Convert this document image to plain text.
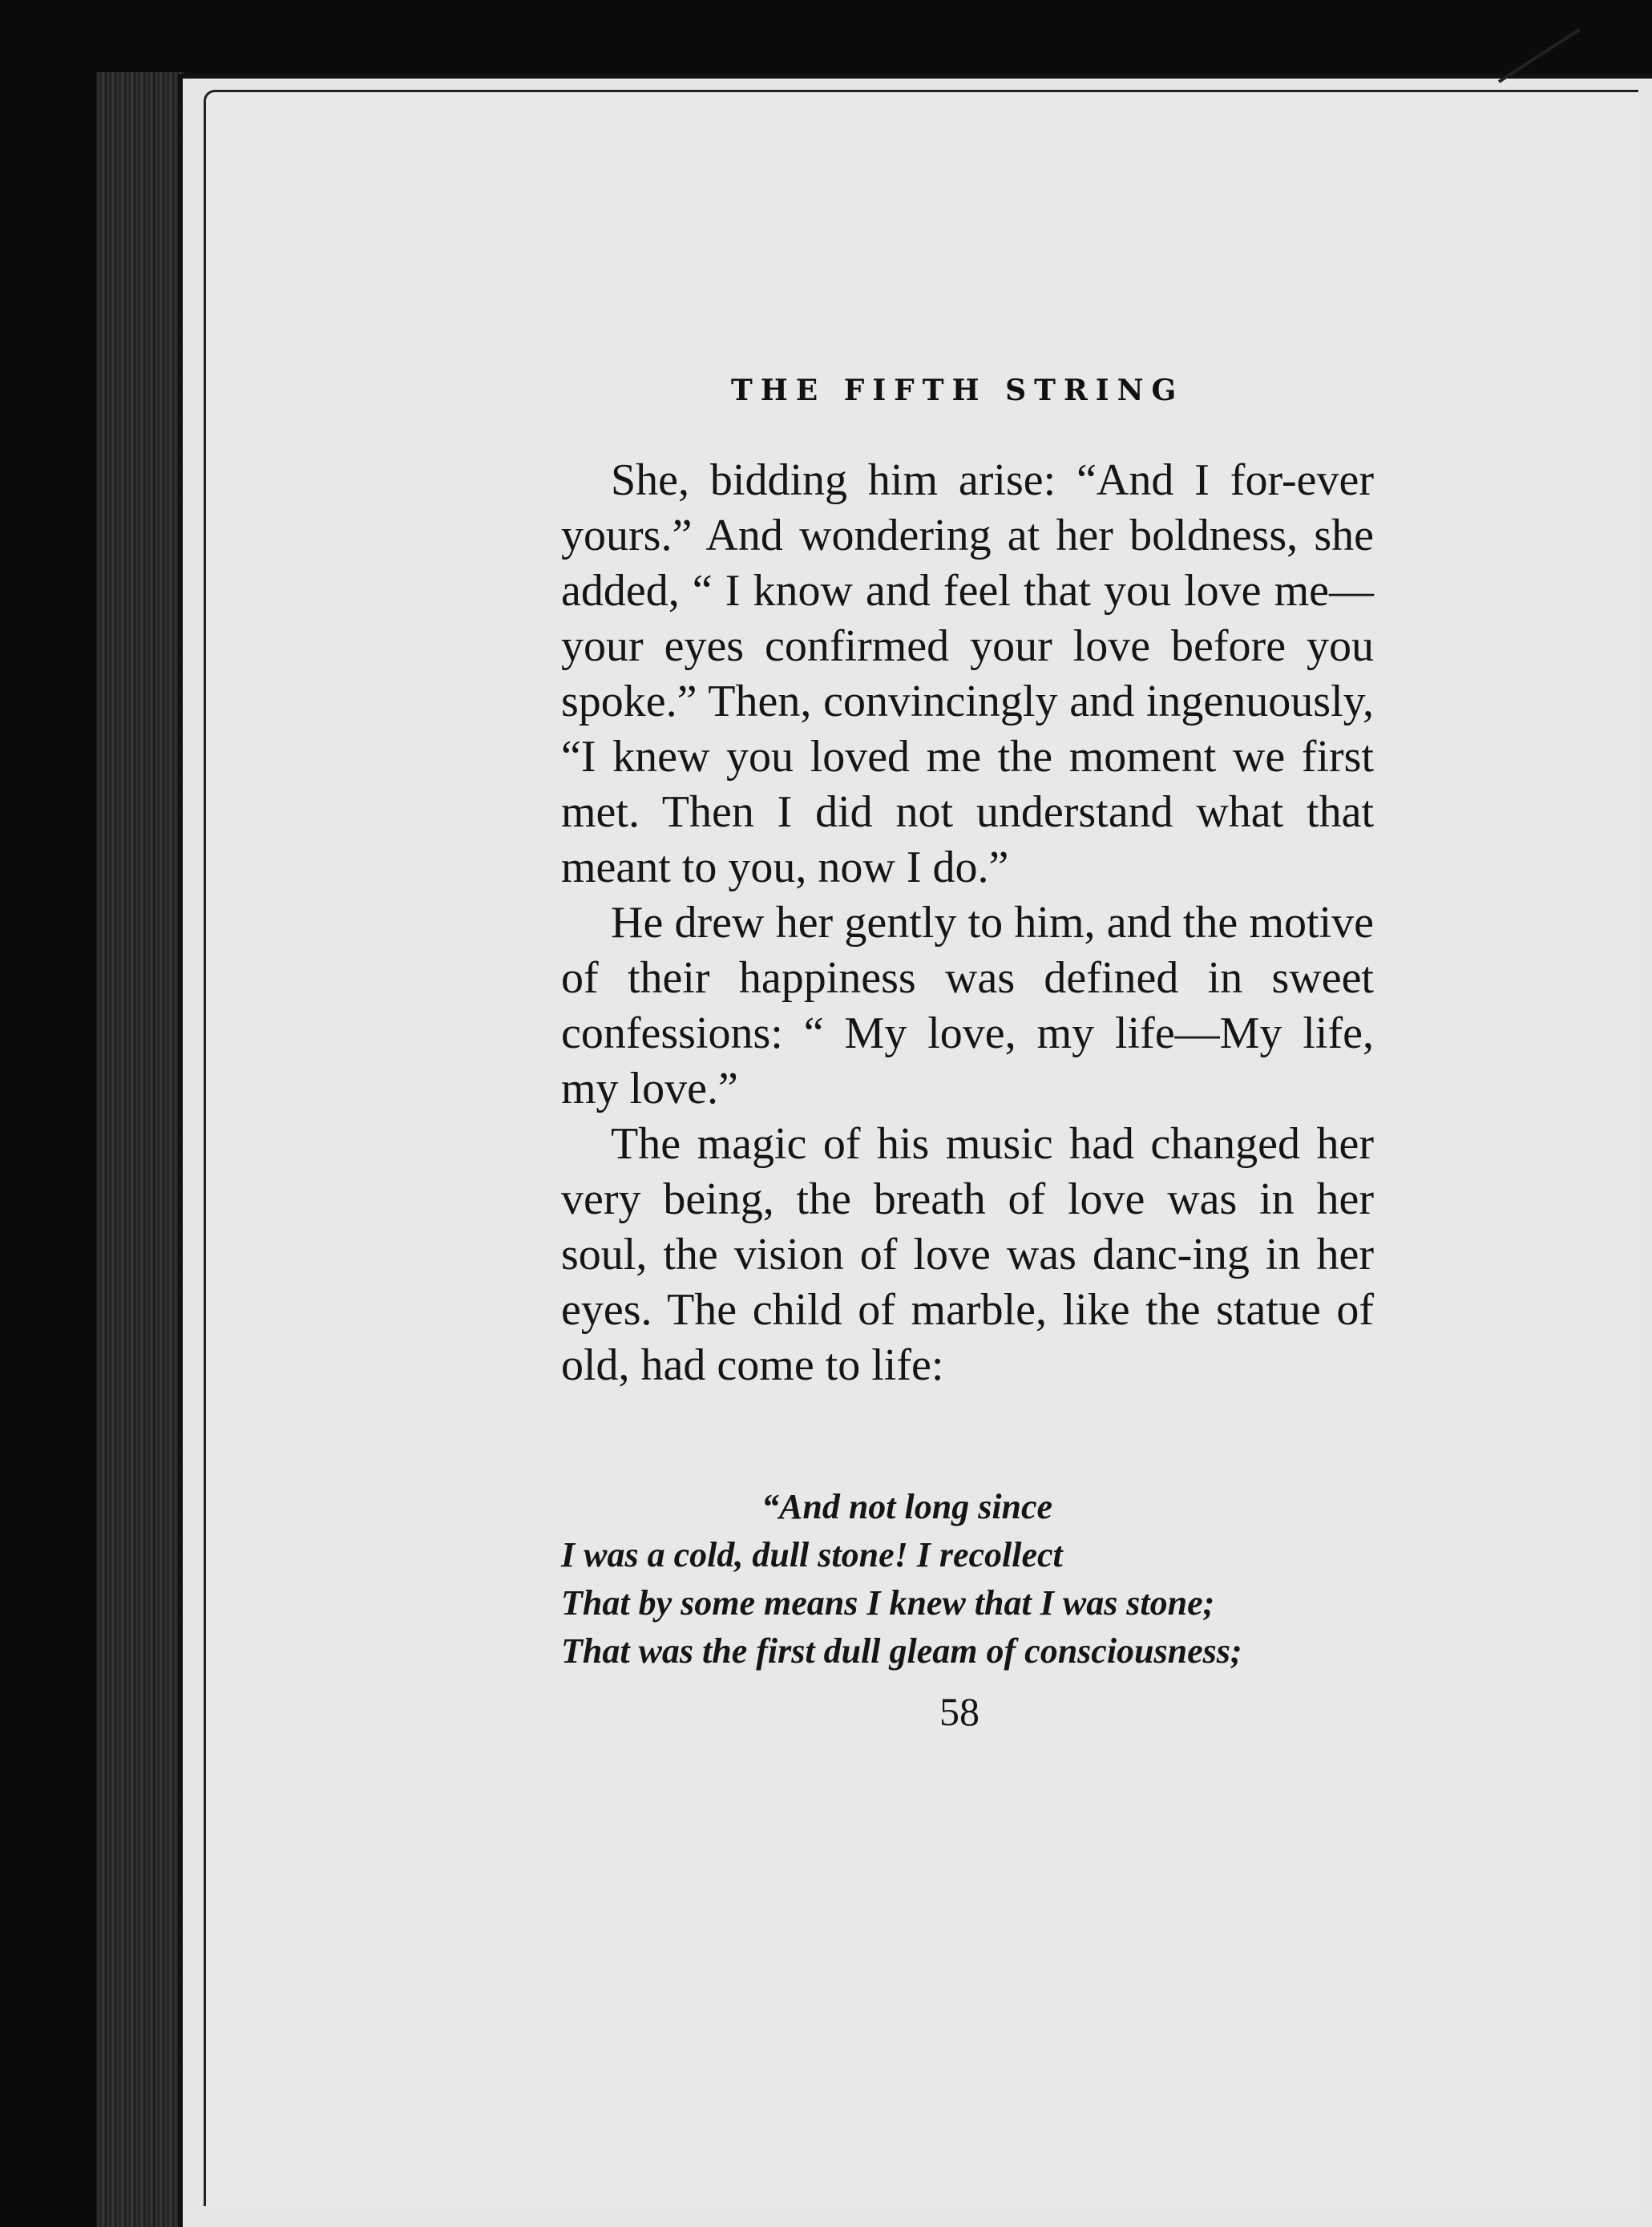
THE FIFTH STRING

She, bidding him arise: “And I for-ever yours.” And wondering at her boldness, she added, “ I know and feel that you love me—your eyes confirmed your love before you spoke.” Then, convincingly and ingenuously, “I knew you loved me the moment we first met. Then I did not understand what that meant to you, now I do.”

He drew her gently to him, and the motive of their happiness was defined in sweet confessions: “ My love, my life—My life, my love.”

The magic of his music had changed her very being, the breath of love was in her soul, the vision of love was danc-ing in her eyes. The child of marble, like the statue of old, had come to life:

“And not long since
I was a cold, dull stone! I recollect
That by some means I knew that I was stone;
That was the first dull gleam of consciousness;
58
